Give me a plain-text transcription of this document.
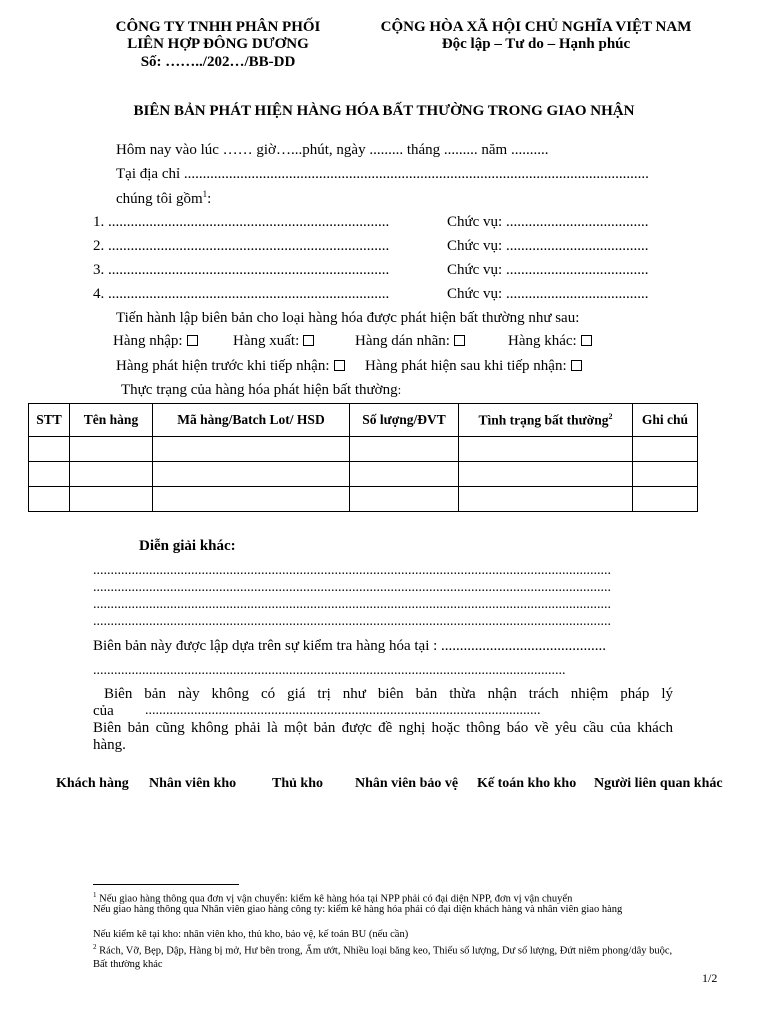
CÔNG TY TNHH PHÂN PHỐI
LIÊN HỢP ĐÔNG DƯƠNG
Số: ……../202…/BB-DD
CỘNG HÒA XÃ HỘI CHỦ NGHĨA VIỆT NAM
Độc lập – Tư do – Hạnh phúc
BIÊN BẢN PHÁT HIỆN HÀNG HÓA BẤT THƯỜNG TRONG GIAO NHẬN
Hôm nay vào lúc …… giờ…...phút, ngày ......... tháng ......... năm ..........
Tại địa chỉ ............................................................................................................................
chúng tôi gồm$^1$:
1. ...........................................................................	Chức vụ: ......................................
2. ...........................................................................	Chức vụ: ......................................
3. ...........................................................................	Chức vụ: ......................................
4. ...........................................................................	Chức vụ: ......................................
Tiến hành lập biên bản cho loại hàng hóa được phát hiện bất thường như sau:
Hàng nhập:	Hàng xuất:	Hàng dán nhãn:	Hàng khác:
Hàng phát hiện trước khi tiếp nhận:	Hàng phát hiện sau khi tiếp nhận:
Thực trạng của hàng hóa phát hiện bất thường:
STT	Tên hàng	Mã hàng/Batch Lot/ HSD	Số lượng/ĐVT	Tình trạng bất thường$^2$	Ghi chú

Diễn giải khác:
....................................................................................................................................................
....................................................................................................................................................
....................................................................................................................................................
....................................................................................................................................................
Biên bản này được lập dựa trên sự kiểm tra hàng hóa tại : ............................................
.......................................................................................................................................
Biên bản này không có giá trị như biên bản thừa nhận trách nhiệm pháp lý
của .................................................................................................................
Biên bản cũng không phải là một bản được đề nghị hoặc thông báo về yêu cầu của khách
hàng.
Khách hàng Nhân viên kho	Thủ kho Nhân viên bảo vệ Kế toán kho kho Người liên quan khác
$^1$ Nếu giao hàng thông qua đơn vị vận chuyển: kiểm kê hàng hóa tại NPP phải có đại diện NPP, đơn vị vận chuyển
Nếu giao hàng thông qua Nhân viên giao hàng công ty: kiểm kê hàng hóa phải có đại diện khách hàng và nhân viên giao hàng
Nếu kiểm kê tại kho: nhân viên kho, thủ kho, bảo vệ, kế toán BU (nếu cần)
$^2$ Rách, Vỡ, Bẹp, Dập, Hàng bị mở, Hư bên trong, Ẩm ướt, Nhiều loại băng keo, Thiếu số lượng, Dư số lượng, Đứt niêm phong/dây buộc, Bất thường khác
1/2
